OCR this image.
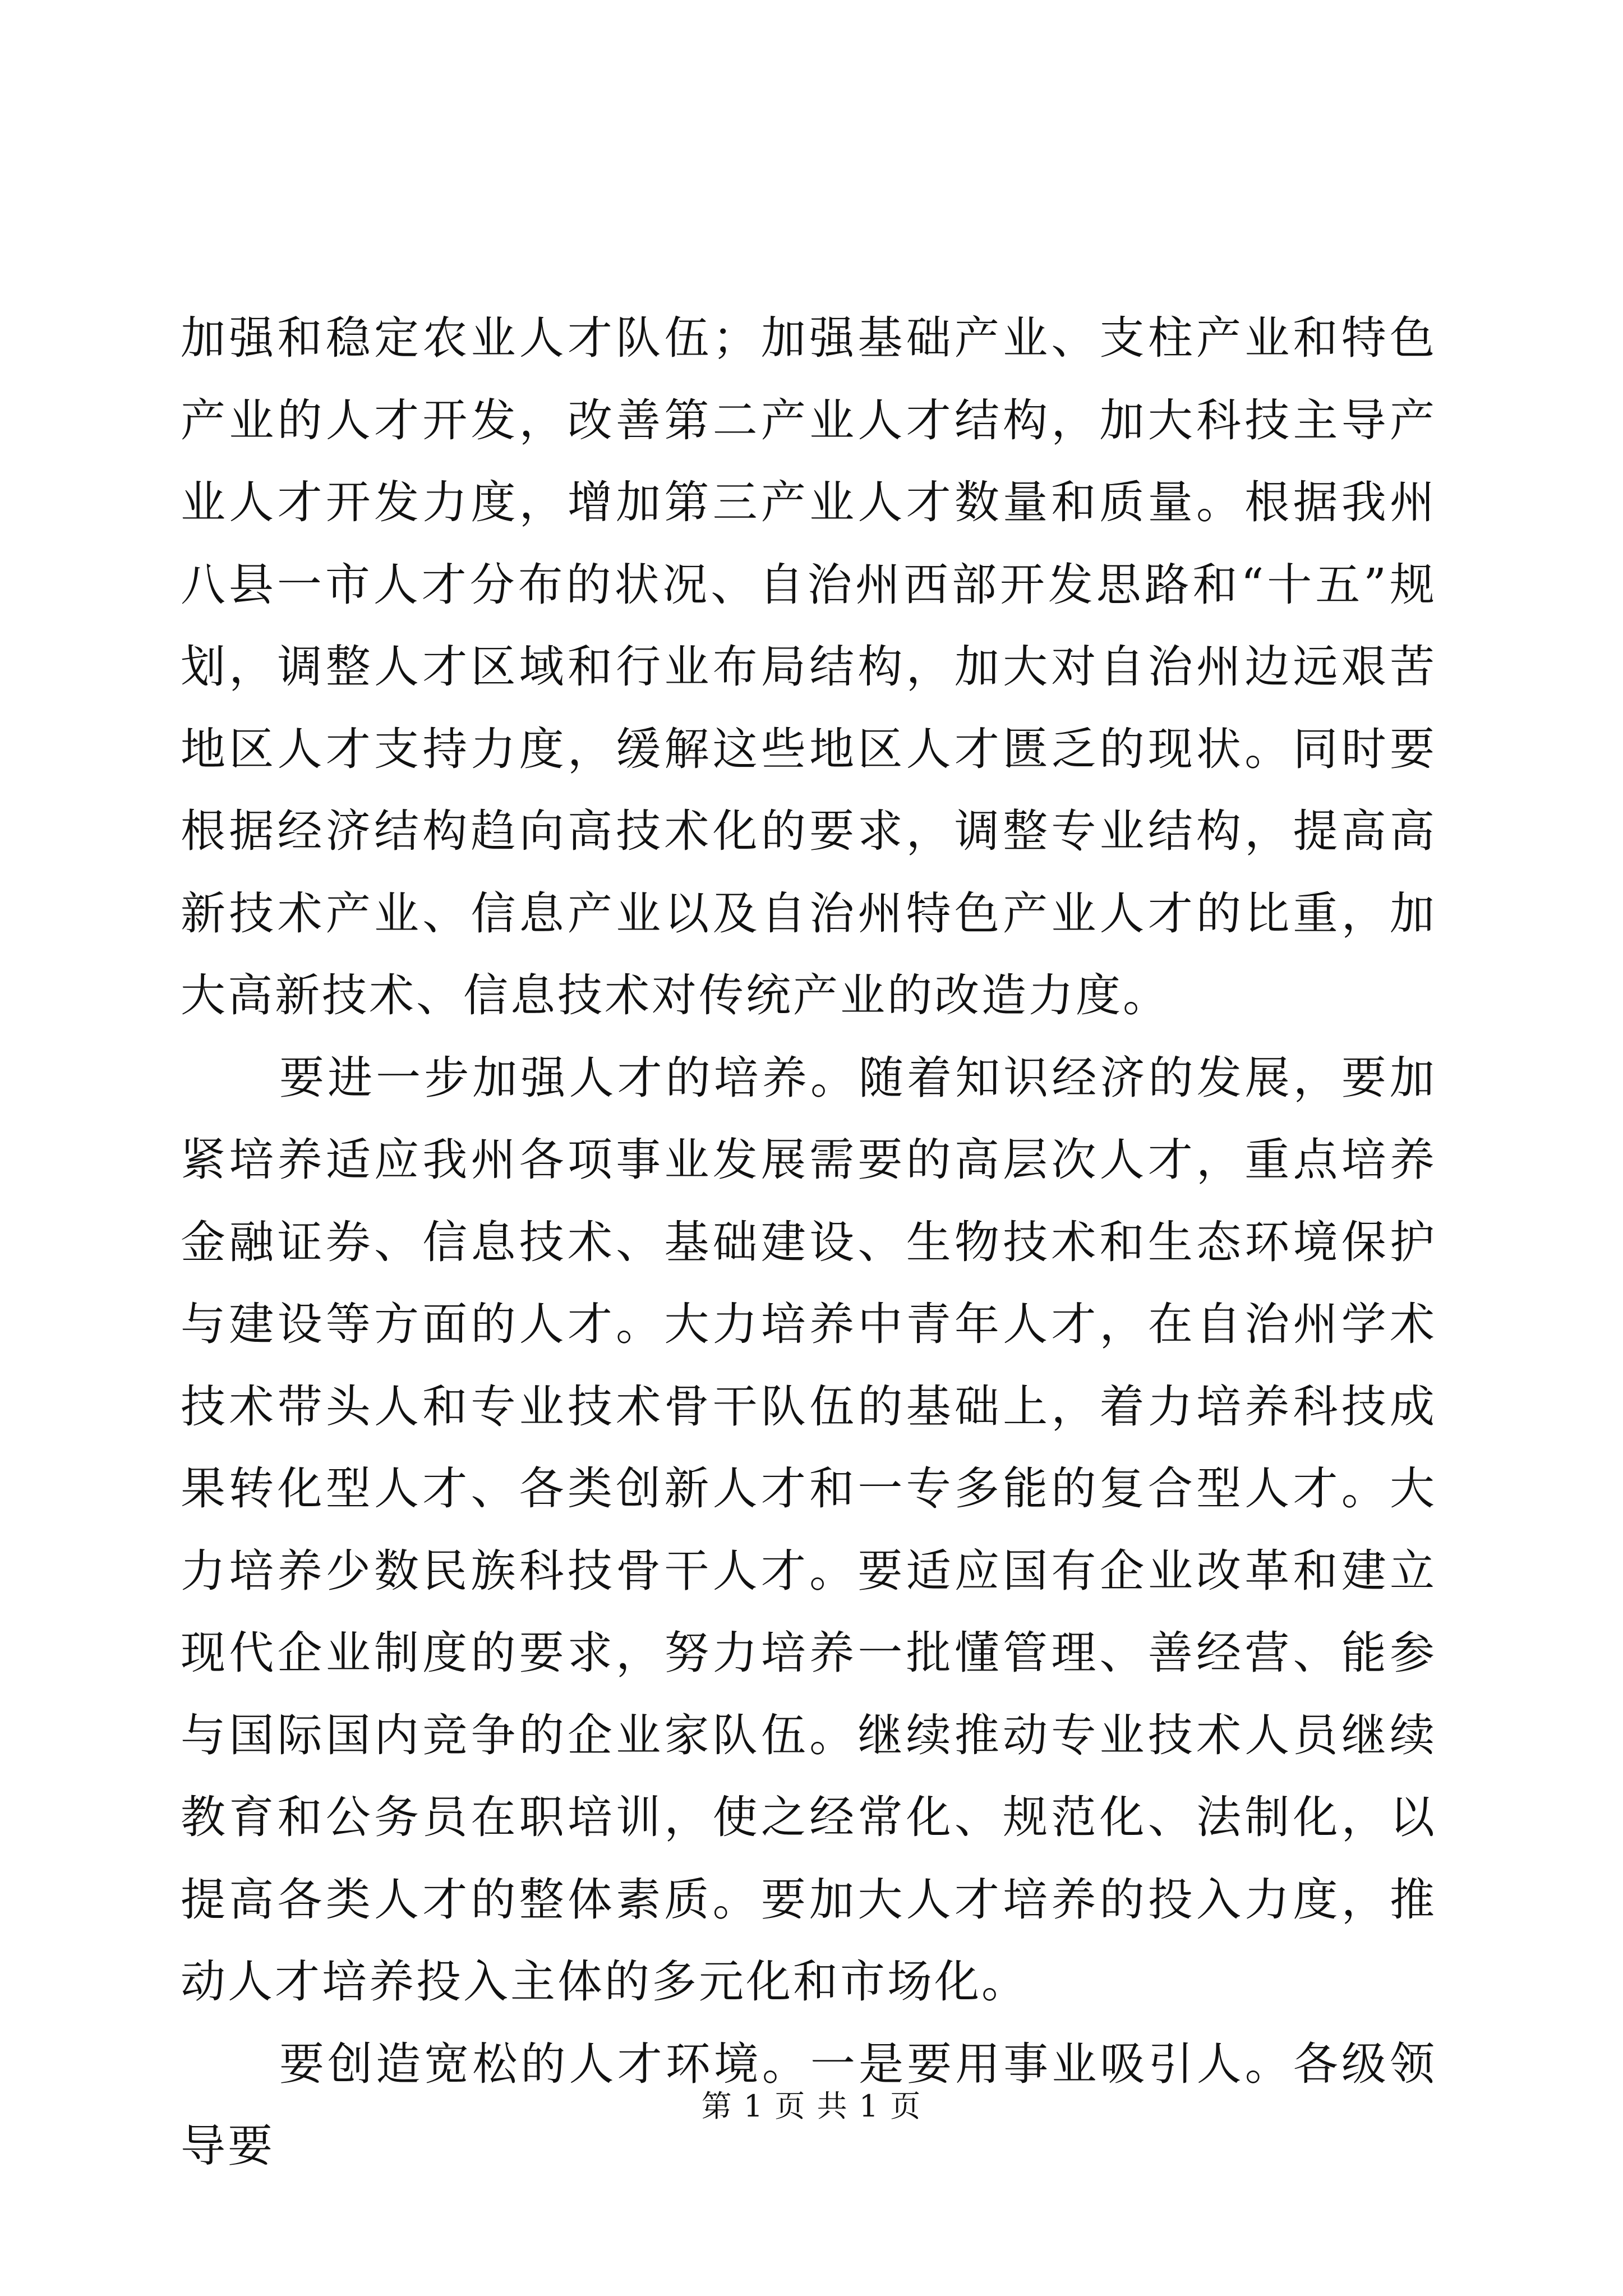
加强和稳定农业人才队伍；加强基础产业、支柱产业和特色产业的人才开发，改善第二产业人才结构，加大科技主导产业人才开发力度，增加第三产业人才数量和质量。根据我州八县一市人才分布的状况、自治州西部开发思路和“十五”规划，调整人才区域和行业布局结构，加大对自治州边远艰苦地区人才支持力度，缓解这些地区人才匮乏的现状。同时要根据经济结构趋向高技术化的要求，调整专业结构，提高高新技术产业、信息产业以及自治州特色产业人才的比重，加大高新技术、信息技术对传统产业的改造力度。

要进一步加强人才的培养。随着知识经济的发展，要加紧培养适应我州各项事业发展需要的高层次人才，重点培养金融证券、信息技术、基础建设、生物技术和生态环境保护与建设等方面的人才。大力培养中青年人才，在自治州学术技术带头人和专业技术骨干队伍的基础上，着力培养科技成果转化型人才、各类创新人才和一专多能的复合型人才。大力培养少数民族科技骨干人才。要适应国有企业改革和建立现代企业制度的要求，努力培养一批懂管理、善经营、能参与国际国内竞争的企业家队伍。继续推动专业技术人员继续教育和公务员在职培训，使之经常化、规范化、法制化，以提高各类人才的整体素质。要加大人才培养的投入力度，推动人才培养投入主体的多元化和市场化。

要创造宽松的人才环境。一是要用事业吸引人。各级领导要

第 1 页 共 1 页
